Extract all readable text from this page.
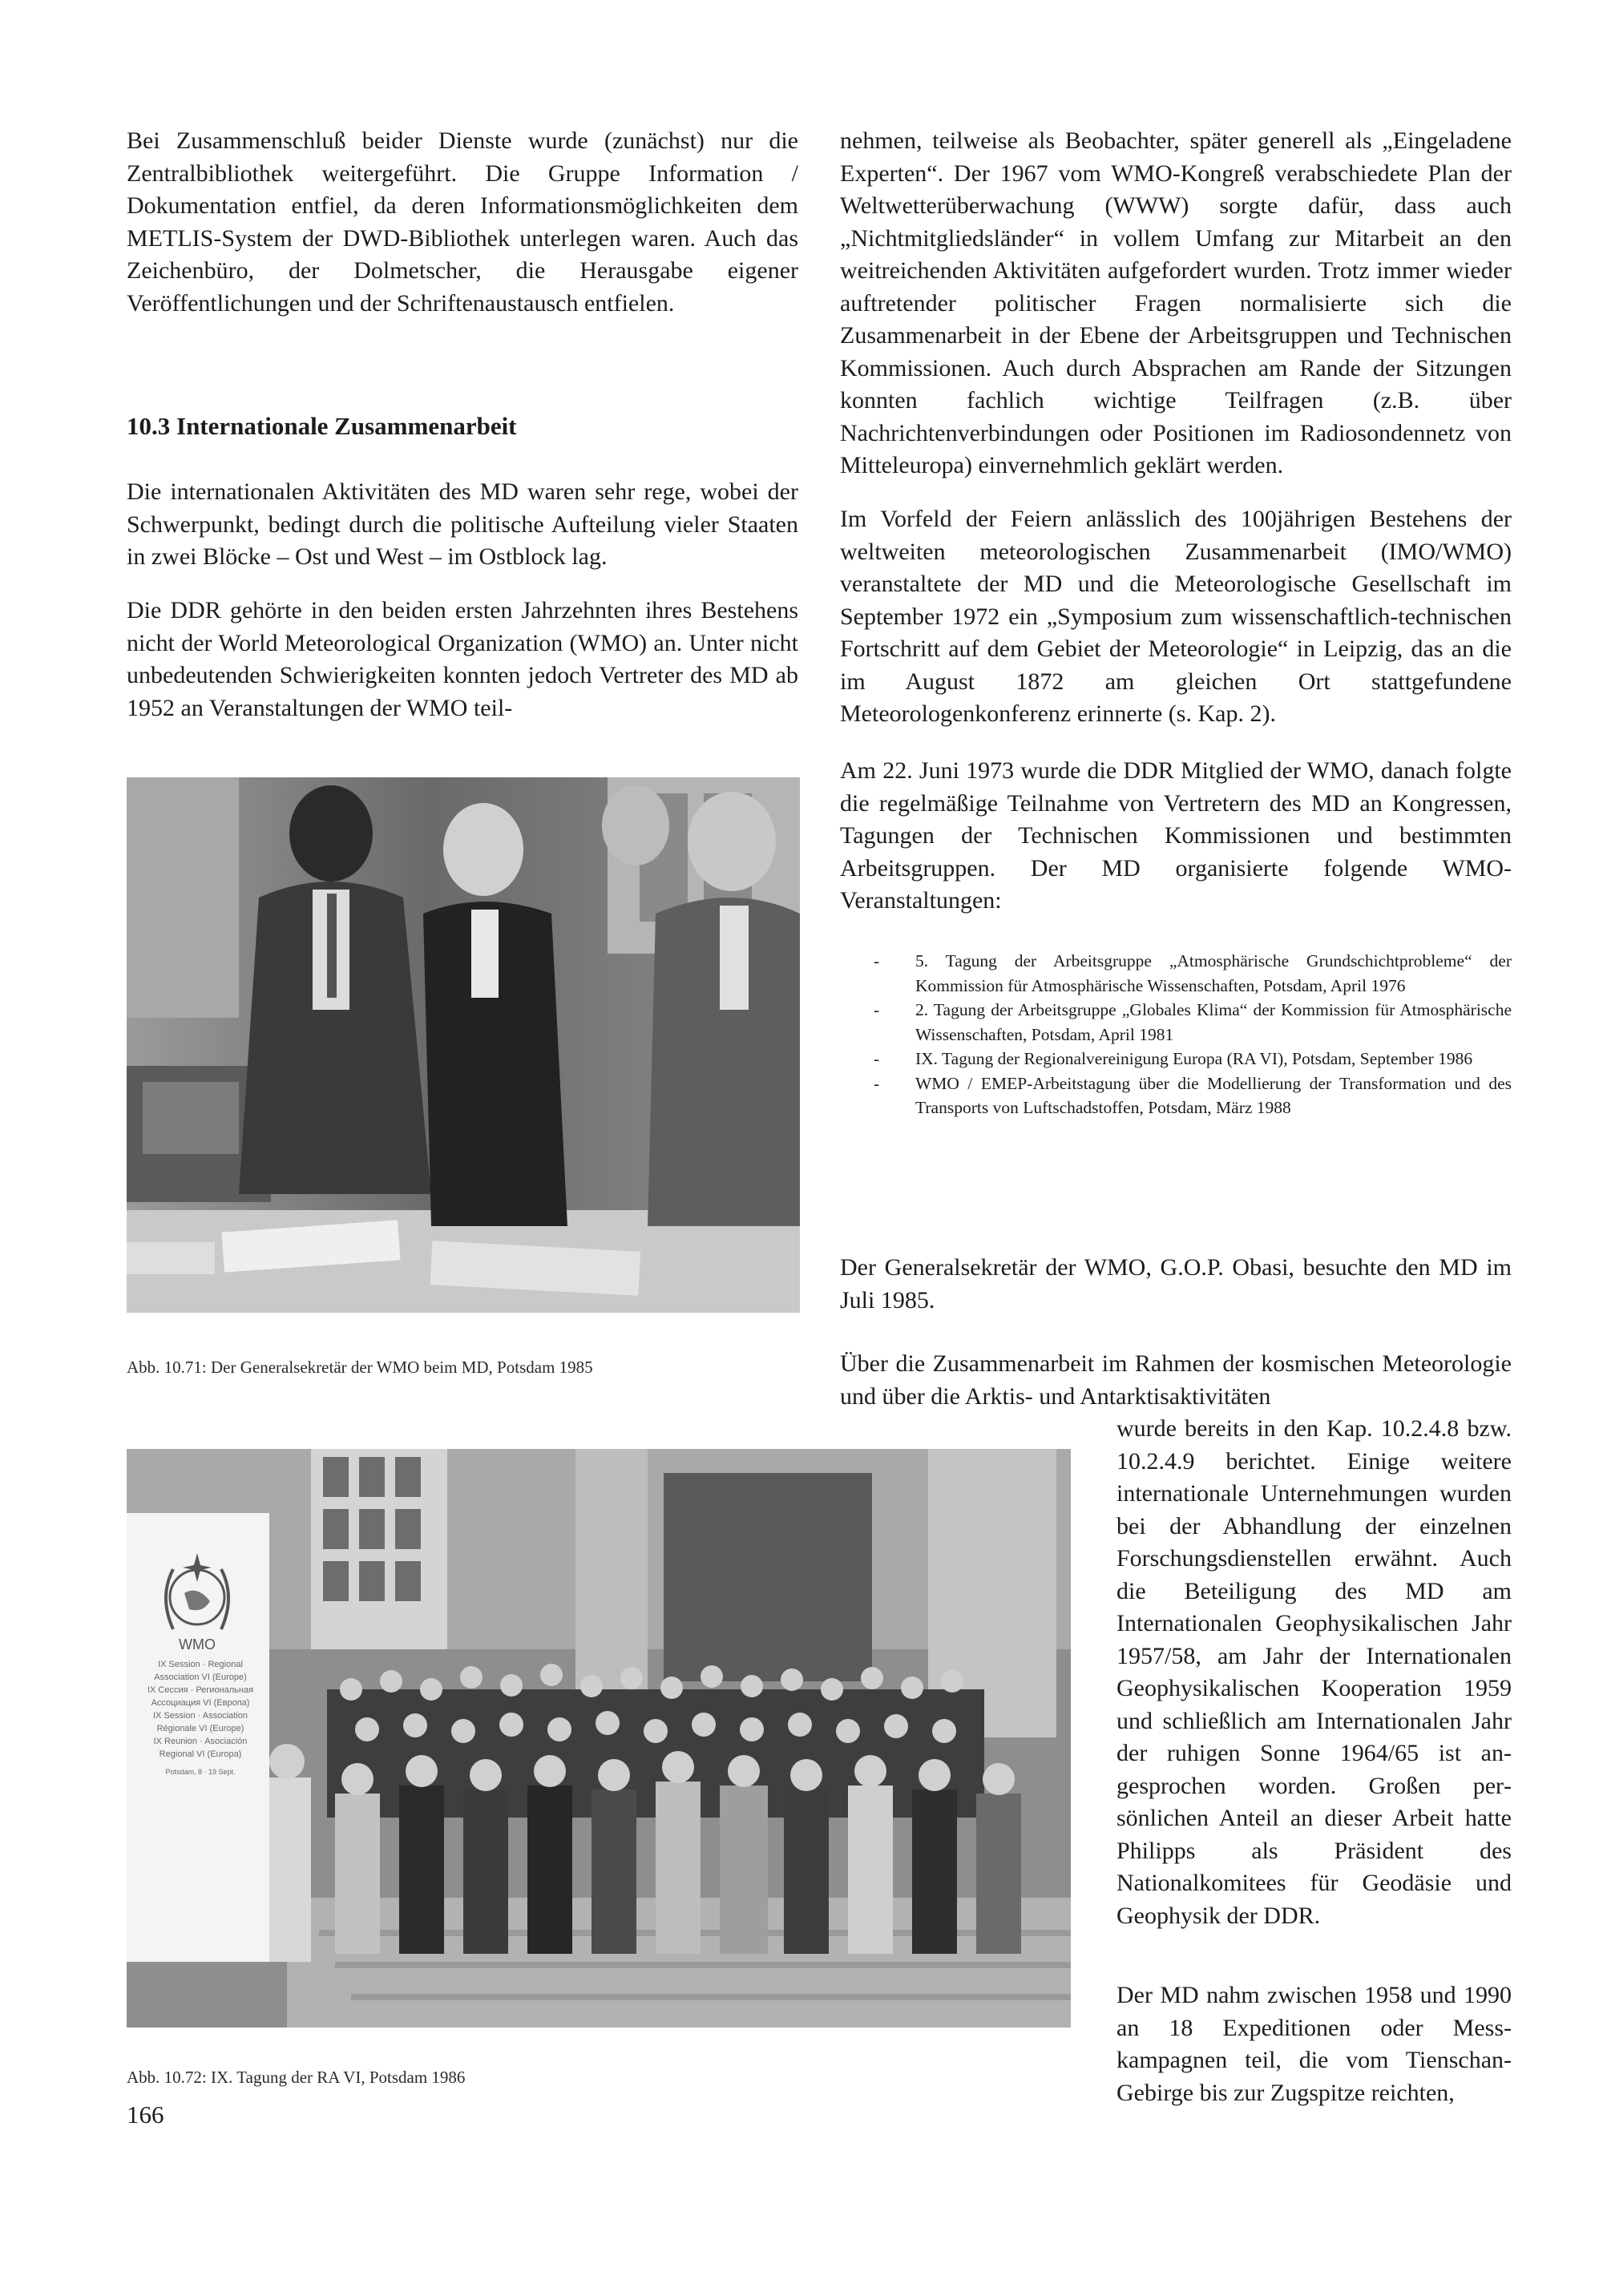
Bei Zusammenschluß beider Dienste wurde (zunächst) nur die Zentralbibliothek weitergeführt. Die Gruppe Information / Dokumentation entfiel, da deren Informationsmöglichkeiten dem METLIS-System der DWD-Bibliothek unterlegen waren. Auch das Zeichenbüro, der Dolmetscher, die Herausgabe eigener Veröffentlichungen und der Schriftenaustausch entfielen.

10.3 Internationale Zusammenarbeit

Die internationalen Aktivitäten des MD waren sehr rege, wobei der Schwerpunkt, bedingt durch die politische Aufteilung vieler Staaten in zwei Blöcke – Ost und West – im Ostblock lag.

Die DDR gehörte in den beiden ersten Jahrzehnten ihres Bestehens nicht der World Meteorological Organization (WMO) an. Unter nicht unbedeutenden Schwierigkeiten konnten jedoch Vertreter des MD ab 1952 an Veranstaltungen der WMO teil-

Abb. 10.71: Der Generalsekretär der WMO beim MD, Potsdam 1985

WMO
IX Session · Regional
Association VI (Europe)
IX Сессия · Региональная
Ассоциация VI (Европа)
IX Session · Association
Régionale VI (Europe)
IX Reunion · Asociación
Regional VI (Europa)
Potsdam, 8 · 19 Sept.

Abb. 10.72: IX. Tagung der RA VI, Potsdam 1986

nehmen, teilweise als Beobachter, später generell als „Eingeladene Experten“. Der 1967 vom WMO-Kongreß verabschiedete Plan der Weltwetterüberwachung (WWW) sorgte dafür, dass auch „Nichtmitgliedsländer“ in vollem Umfang zur Mitarbeit an den weitreichenden Aktivitäten aufgefordert wurden. Trotz immer wieder auftretender politischer Fragen normalisierte sich die Zusammenarbeit in der Ebene der Arbeitsgruppen und Technischen Kommissionen. Auch durch Absprachen am Rande der Sitzungen konnten fachlich wichtige Teilfragen (z.B. über Nachrichtenverbindungen oder Positionen im Radiosondennetz von Mitteleuropa) einvernehmlich geklärt werden.

Im Vorfeld der Feiern anlässlich des 100jährigen Bestehens der weltweiten meteorologischen Zusammenarbeit (IMO/WMO) veranstaltete der MD und die Meteorologische Gesellschaft im September 1972 ein „Symposium zum wissenschaftlich-technischen Fortschritt auf dem Gebiet der Meteorologie“ in Leipzig, das an die im August 1872 am gleichen Ort stattgefundene Meteorologenkonferenz erinnerte (s. Kap. 2).

Am 22. Juni 1973 wurde die DDR Mitglied der WMO, danach folgte die regelmäßige Teilnahme von Vertretern des MD an Kongressen, Tagungen der Technischen Kommissionen und bestimmten Arbeitsgruppen. Der MD organisierte folgende WMO-Veranstaltungen:

- 5. Tagung der Arbeitsgruppe „Atmosphärische Grundschichtprobleme“ der Kommission für Atmosphärische Wissenschaften, Potsdam, April 1976
- 2. Tagung der Arbeitsgruppe „Globales Klima“ der Kommission für Atmosphärische Wissenschaften, Potsdam, April 1981
- IX. Tagung der Regionalvereinigung Europa (RA VI), Potsdam, September 1986
- WMO / EMEP-Arbeitstagung über die Modellierung der Transformation und des Transports von Luftschadstoffen, Potsdam, März 1988

Der Generalsekretär der WMO, G.O.P. Obasi, besuchte den MD im Juli 1985.

Über die Zusammenarbeit im Rahmen der kosmischen Meteorologie und über die Arktis- und Antarktisaktivitäten

wurde bereits in den Kap. 10.2.4.8 bzw. 10.2.4.9 berichtet. Einige weitere internationale Unternehmungen wurden bei der Abhandlung der einzelnen Forschungsdienstellen erwähnt. Auch die Beteiligung des MD am Internationalen Geophysikalischen Jahr 1957/58, am Jahr der Internationalen Geophysikalischen Kooperation 1959 und schließlich am Internationalen Jahr der ruhigen Sonne 1964/65 ist angesprochen worden. Großen persönlichen Anteil an dieser Arbeit hatte Philipps als Präsident des Nationalkomitees für Geodäsie und Geophysik der DDR.

Der MD nahm zwischen 1958 und 1990 an 18 Expeditionen oder Messkampagnen teil, die vom Tienschan-Gebirge bis zur Zugspitze reichten,

166
